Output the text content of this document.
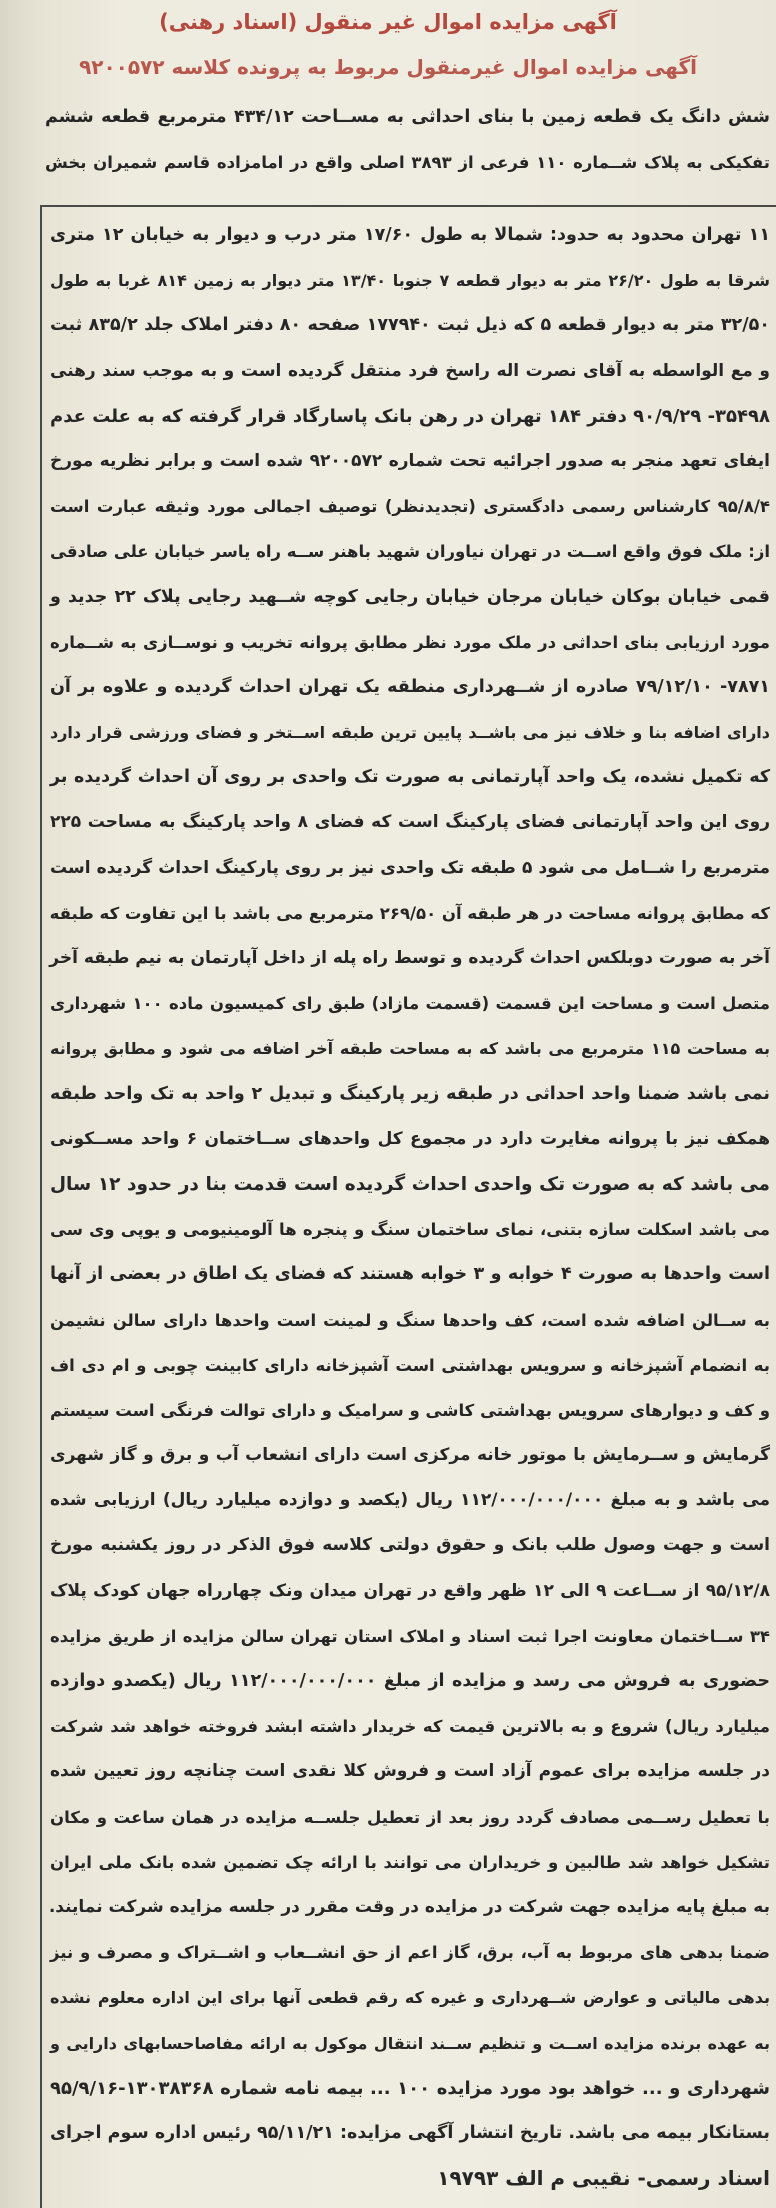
آگهی مزایده اموال غیر منقول (اسناد رهنی)
آگهی مزایده اموال غیرمنقول مربوط به پرونده کلاسه ۹۲۰۰۵۷۲
شش دانگ یک قطعه زمین با بنای احداثی به مســاحت ۴۳۴/۱۲ مترمربع قطعه ششم
تفکیکی به پلاک شــماره ۱۱۰ فرعی از ۳۸۹۳ اصلی واقع در امامزاده قاسم شمیران بخش
۱۱ تهران محدود به حدود: شمالا به طول ۱۷/۶۰ متر درب و دیوار به خیابان ۱۲ متری
شرقا به طول ۲۶/۲۰ متر به دیوار قطعه ۷ جنوبا ۱۳/۴۰ متر دیوار به زمین ۸۱۴ غربا به طول
۳۲/۵۰ متر به دیوار قطعه ۵ که ذیل ثبت ۱۷۷۹۴۰ صفحه ۸۰ دفتر املاک جلد ۸۳۵/۲ ثبت
و مع الواسطه به آقای نصرت اله راسخ فرد منتقل گردیده است و به موجب سند رهنی
۳۵۴۹۸- ۹۰/۹/۲۹ دفتر ۱۸۴ تهران در رهن بانک پاسارگاد قرار گرفته که به علت عدم
ایفای تعهد منجر به صدور اجرائیه تحت شماره ۹۲۰۰۵۷۲ شده است و برابر نظریه مورخ
۹۵/۸/۴ کارشناس رسمی دادگستری (تجدیدنظر) توصیف اجمالی مورد وثیقه عبارت است
از: ملک فوق واقع اســت در تهران نیاوران شهید باهنر ســه راه یاسر خیابان علی صادقی
قمی خیابان بوکان خیابان مرجان خیابان رجایی کوچه شــهید رجایی پلاک ۲۲ جدید و
مورد ارزیابی بنای احداثی در ملک مورد نظر مطابق پروانه تخریب و نوســازی به شــماره
۷۸۷۱- ۷۹/۱۲/۱۰ صادره از شــهرداری منطقه یک تهران احداث گردیده و علاوه بر آن
دارای اضافه بنا و خلاف نیز می باشــد پایین ترین طبقه اســتخر و فضای ورزشی قرار دارد
که تکمیل نشده، یک واحد آپارتمانی به صورت تک واحدی بر روی آن احداث گردیده بر
روی این واحد آپارتمانی فضای پارکینگ است که فضای ۸ واحد پارکینگ به مساحت ۲۲۵
مترمربع را شــامل می شود ۵ طبقه تک واحدی نیز بر روی پارکینگ احداث گردیده است
که مطابق پروانه مساحت در هر طبقه آن ۲۶۹/۵۰ مترمربع می باشد با این تفاوت که طبقه
آخر به صورت دوبلکس احداث گردیده و توسط راه پله از داخل آپارتمان به نیم طبقه آخر
متصل است و مساحت این قسمت (قسمت مازاد) طبق رای کمیسیون ماده ۱۰۰ شهرداری
به مساحت ۱۱۵ مترمربع می باشد که به مساحت طبقه آخر اضافه می شود و مطابق پروانه
نمی باشد ضمنا واحد احداثی در طبقه زیر پارکینگ و تبدیل ۲ واحد به تک واحد طبقه
همکف نیز با پروانه مغایرت دارد در مجموع کل واحدهای ســاختمان ۶ واحد مســکونی
می باشد که به صورت تک واحدی احداث گردیده است قدمت بنا در حدود ۱۲ سال
می باشد اسکلت سازه بتنی، نمای ساختمان سنگ و پنجره ها آلومینیومی و یوپی وی سی
است واحدها به صورت ۴ خوابه و ۳ خوابه هستند که فضای یک اطاق در بعضی از آنها
به ســالن اضافه شده است، کف واحدها سنگ و لمینت است واحدها دارای سالن نشیمن
به انضمام آشپزخانه و سرویس بهداشتی است آشپزخانه دارای کابینت چوبی و ام دی اف
و کف و دیوارهای سرویس بهداشتی کاشی و سرامیک و دارای توالت فرنگی است سیستم
گرمایش و ســرمایش با موتور خانه مرکزی است دارای انشعاب آب و برق و گاز شهری
می باشد و به مبلغ ۱۱۲/۰۰۰/۰۰۰/۰۰۰ ریال (یکصد و دوازده میلیارد ریال) ارزیابی شده
است و جهت وصول طلب بانک و حقوق دولتی کلاسه فوق الذکر در روز یکشنبه مورخ
۹۵/۱۲/۸ از ســاعت ۹ الی ۱۲ ظهر واقع در تهران میدان ونک چهارراه جهان کودک پلاک
۳۴ ســاختمان معاونت اجرا ثبت اسناد و املاک استان تهران سالن مزایده از طریق مزایده
حضوری به فروش می رسد و مزایده از مبلغ ۱۱۲/۰۰۰/۰۰۰/۰۰۰ ریال (یکصدو دوازده
میلیارد ریال) شروع و به بالاترین قیمت که خریدار داشته ابشد فروخته خواهد شد شرکت
در جلسه مزایده برای عموم آزاد است و فروش کلا نقدی است چنانچه روز تعیین شده
با تعطیل رســمی مصادف گردد روز بعد از تعطیل جلســه مزایده در همان ساعت و مکان
تشکیل خواهد شد طالبین و خریداران می توانند با ارائه چک تضمین شده بانک ملی ایران
به مبلغ پایه مزایده جهت شرکت در مزایده در وقت مقرر در جلسه مزایده شرکت نمایند.
ضمنا بدهی های مربوط به آب، برق، گاز اعم از حق انشــعاب و اشــتراک و مصرف و نیز
بدهی مالیاتی و عوارض شــهرداری و غیره که رقم قطعی آنها برای این اداره معلوم نشده
به عهده برنده مزایده اســت و تنظیم ســند انتقال موکول به ارائه مفاصاحسابهای دارایی و
شهرداری و ... خواهد بود مورد مزایده ۱۰۰ ... بیمه نامه شماره ۱۳۰۳۸۳۶۸-۹۵/۹/۱۶
بستانکار بیمه می باشد. تاریخ انتشار آگهی مزایده: ۹۵/۱۱/۲۱ رئیس اداره سوم اجرای
اسناد رسمی- نقیبی م الف ۱۹۷۹۳
